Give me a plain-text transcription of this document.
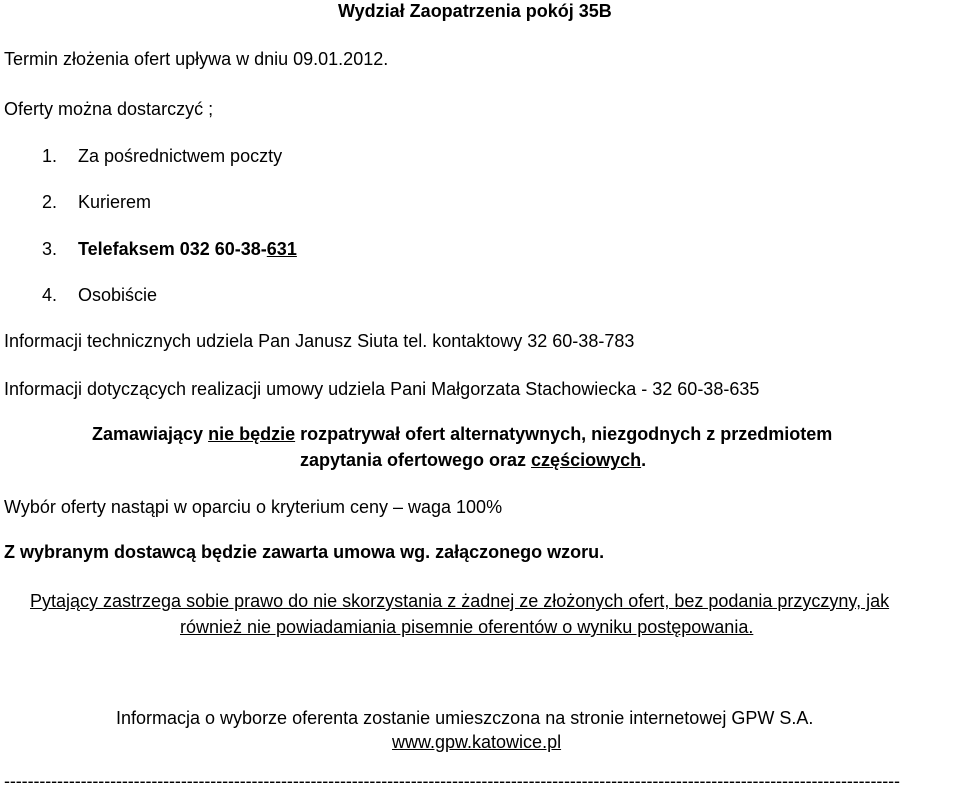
Wydział Zaopatrzenia pokój 35B
Termin złożenia ofert upływa w dniu 09.01.2012.
Oferty można dostarczyć ;
1. Za pośrednictwem poczty
2. Kurierem
3. Telefaksem 032 60-38-631
4. Osobiście
Informacji technicznych udziela Pan Janusz Siuta tel. kontaktowy 32 60-38-783
Informacji dotyczących realizacji umowy udziela Pani Małgorzata Stachowiecka - 32 60-38-635
Zamawiający nie będzie rozpatrywał ofert alternatywnych, niezgodnych z przedmiotem
zapytania ofertowego oraz częściowych.
Wybór oferty nastąpi w oparciu o kryterium ceny – waga 100%
Z wybranym dostawcą będzie zawarta umowa wg. załączonego wzoru.
Pytający zastrzega sobie prawo do nie skorzystania z żadnej ze złożonych ofert, bez podania przyczyny, jak
również nie powiadamiania pisemnie oferentów o wyniku postępowania.
Informacja o wyborze oferenta zostanie umieszczona na stronie internetowej GPW S.A.
www.gpw.katowice.pl
--------------------------------------------------------------------------------------------------------------------------------------------------------
